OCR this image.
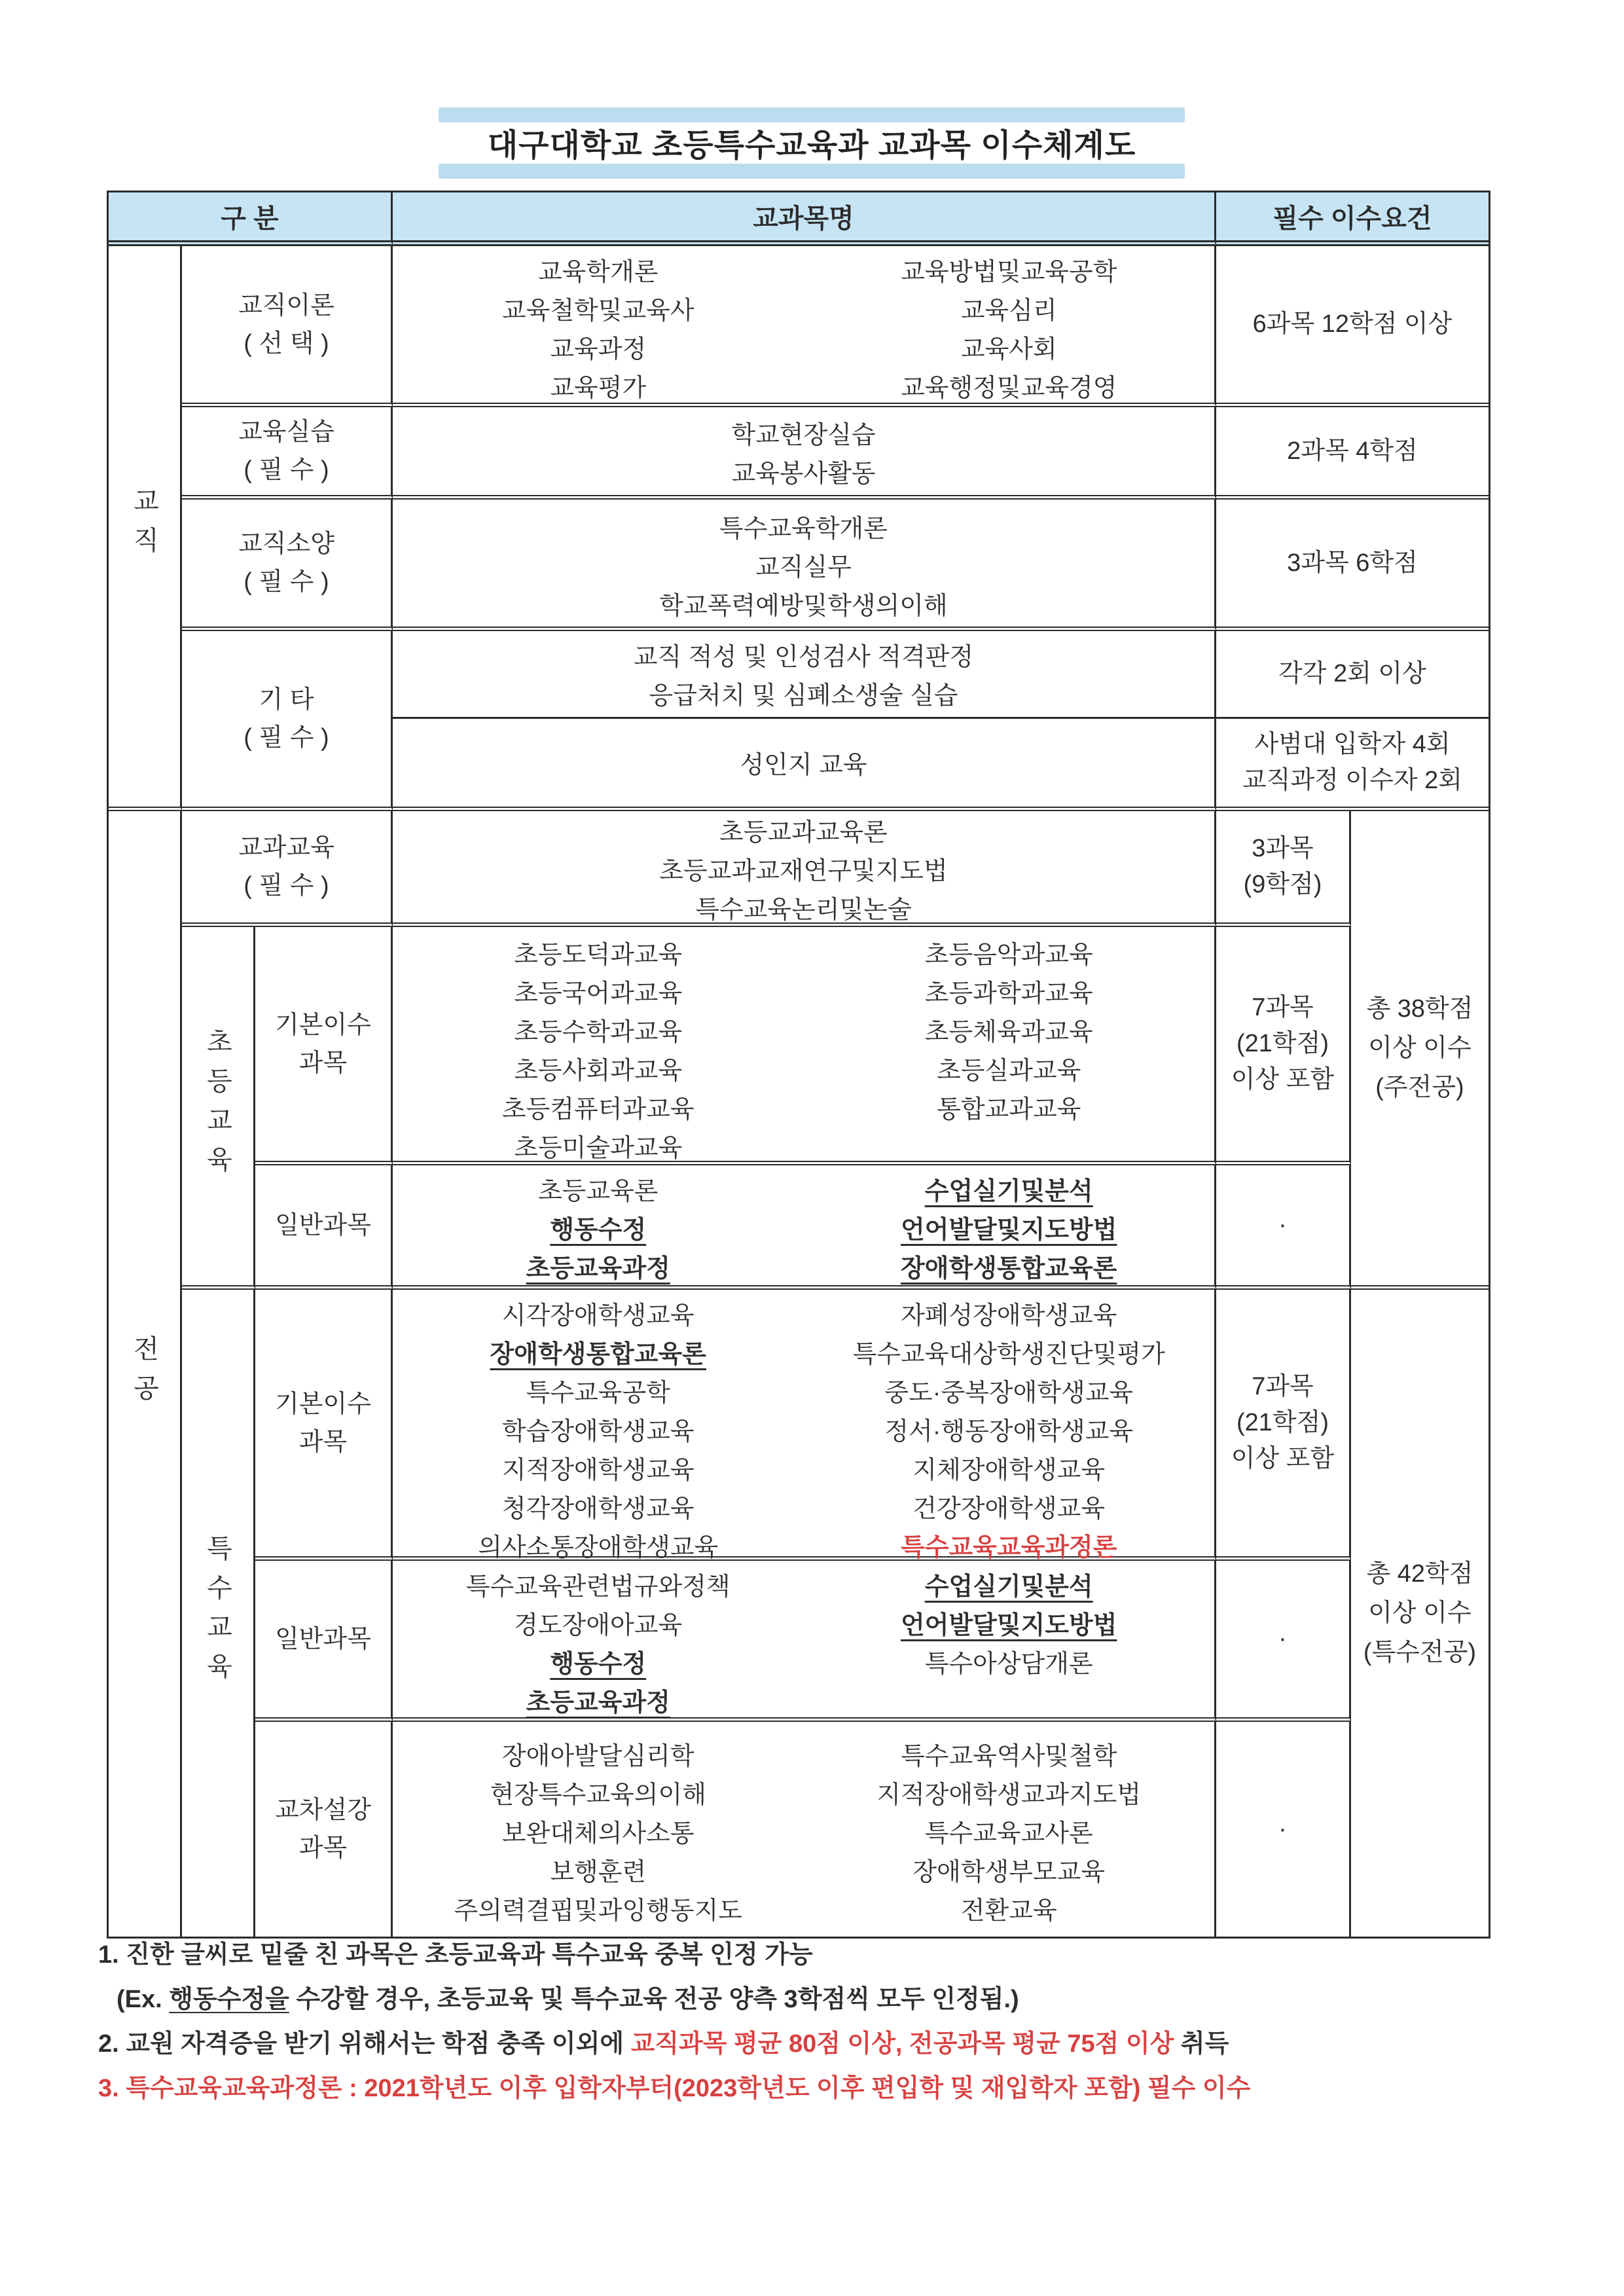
대구대학교 초등특수교육과 교과목 이수체계도
구 분	교과목명	필수 이수요건
교직
교직이론
( 선 택 )
교육학개론
교육철학및교육사
교육과정
교육평가
교육방법및교육공학
교육심리
교육사회
교육행정및교육경영
6과목 12학점 이상
교육실습
( 필 수 )
학교현장실습
교육봉사활동
2과목 4학점
교직소양
( 필 수 )
특수교육학개론
교직실무
학교폭력예방및학생의이해
3과목 6학점
기 타
( 필 수 )
교직 적성 및 인성검사 적격판정
응급처치 및 심폐소생술 실습
각각 2회 이상
성인지 교육
사범대 입학자 4회
교직과정 이수자 2회
전공
교과교육
( 필 수 )
초등교과교육론
초등교과교재연구및지도법
특수교육논리및논술
3과목
(9학점)
총 38학점
이상 이수
(주전공)
초등교육
기본이수
과목
초등도덕과교육
초등국어과교육
초등수학과교육
초등사회과교육
초등컴퓨터과교육
초등미술과교육
초등음악과교육
초등과학과교육
초등체육과교육
초등실과교육
통합교과교육
7과목
(21학점)
이상 포함
일반과목
초등교육론
행동수정
초등교육과정
수업실기및분석
언어발달및지도방법
장애학생통합교육론
·
특수교육
기본이수
과목
시각장애학생교육
장애학생통합교육론
특수교육공학
학습장애학생교육
지적장애학생교육
청각장애학생교육
의사소통장애학생교육
자폐성장애학생교육
특수교육대상학생진단및평가
중도·중복장애학생교육
정서·행동장애학생교육
지체장애학생교육
건강장애학생교육
특수교육교육과정론
7과목
(21학점)
이상 포함
총 42학점
이상 이수
(특수전공)
일반과목
특수교육관련법규와정책
경도장애아교육
행동수정
초등교육과정
수업실기및분석
언어발달및지도방법
특수아상담개론
·
교차설강
과목
장애아발달심리학
현장특수교육의이해
보완대체의사소통
보행훈련
주의력결핍및과잉행동지도
특수교육역사및철학
지적장애학생교과지도법
특수교육교사론
장애학생부모교육
전환교육
·
1. 진한 글씨로 밑줄 친 과목은 초등교육과 특수교육 중복 인정 가능
(Ex. 행동수정을 수강할 경우, 초등교육 및 특수교육 전공 양측 3학점씩 모두 인정됨.)
2. 교원 자격증을 받기 위해서는 학점 충족 이외에 교직과목 평균 80점 이상, 전공과목 평균 75점 이상 취득
3. 특수교육교육과정론 : 2021학년도 이후 입학자부터(2023학년도 이후 편입학 및 재입학자 포함) 필수 이수
